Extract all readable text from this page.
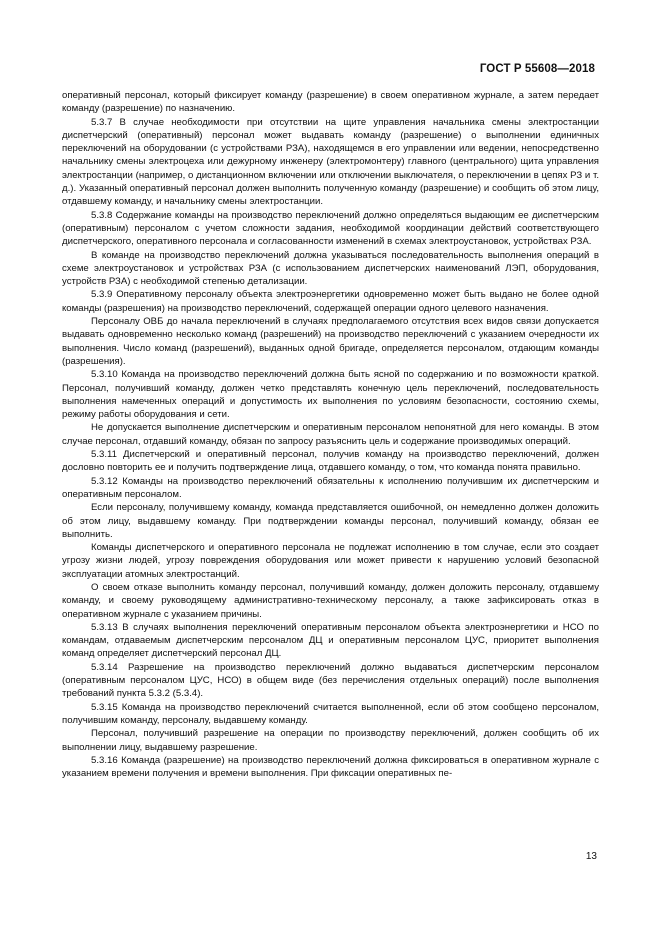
ГОСТ Р 55608—2018

оперативный персонал, который фиксирует команду (разрешение) в своем оперативном журнале, а затем передает команду (разрешение) по назначению.

5.3.7 В случае необходимости при отсутствии на щите управления начальника смены электростанции диспетчерский (оперативный) персонал может выдавать команду (разрешение) о выполнении единичных переключений на оборудовании (с устройствами РЗА), находящемся в его управлении или ведении, непосредственно начальнику смены электроцеха или дежурному инженеру (электромонтеру) главного (центрального) щита управления электростанции (например, о дистанционном включении или отключении выключателя, о переключении в цепях РЗ и т. д.). Указанный оперативный персонал должен выполнить полученную команду (разрешение) и сообщить об этом лицу, отдавшему команду, и начальнику смены электростанции.

5.3.8 Содержание команды на производство переключений должно определяться выдающим ее диспетчерским (оперативным) персоналом с учетом сложности задания, необходимой координации действий соответствующего диспетчерского, оперативного персонала и согласованности изменений в схемах электроустановок, устройствах РЗА.

В команде на производство переключений должна указываться последовательность выполнения операций в схеме электроустановок и устройствах РЗА (с использованием диспетчерских наименований ЛЭП, оборудования, устройств РЗА) с необходимой степенью детализации.

5.3.9 Оперативному персоналу объекта электроэнергетики одновременно может быть выдано не более одной команды (разрешения) на производство переключений, содержащей операции одного целевого назначения.

Персоналу ОВБ до начала переключений в случаях предполагаемого отсутствия всех видов связи допускается выдавать одновременно несколько команд (разрешений) на производство переключений с указанием очередности их выполнения. Число команд (разрешений), выданных одной бригаде, определяется персоналом, отдающим команды (разрешения).

5.3.10 Команда на производство переключений должна быть ясной по содержанию и по возможности краткой. Персонал, получивший команду, должен четко представлять конечную цель переключений, последовательность выполнения намеченных операций и допустимость их выполнения по условиям безопасности, состоянию схемы, режиму работы оборудования и сети.

Не допускается выполнение диспетчерским и оперативным персоналом непонятной для него команды. В этом случае персонал, отдавший команду, обязан по запросу разъяснить цель и содержание производимых операций.

5.3.11 Диспетчерский и оперативный персонал, получив команду на производство переключений, должен дословно повторить ее и получить подтверждение лица, отдавшего команду, о том, что команда понята правильно.

5.3.12 Команды на производство переключений обязательны к исполнению получившим их диспетчерским и оперативным персоналом.

Если персоналу, получившему команду, команда представляется ошибочной, он немедленно должен доложить об этом лицу, выдавшему команду. При подтверждении команды персонал, получивший команду, обязан ее выполнить.

Команды диспетчерского и оперативного персонала не подлежат исполнению в том случае, если это создает угрозу жизни людей, угрозу повреждения оборудования или может привести к нарушению условий безопасной эксплуатации атомных электростанций.

О своем отказе выполнить команду персонал, получивший команду, должен доложить персоналу, отдавшему команду, и своему руководящему административно-техническому персоналу, а также зафиксировать отказ в оперативном журнале с указанием причины.

5.3.13 В случаях выполнения переключений оперативным персоналом объекта электроэнергетики и НСО по командам, отдаваемым диспетчерским персоналом ДЦ и оперативным персоналом ЦУС, приоритет выполнения команд определяет диспетчерский персонал ДЦ.

5.3.14 Разрешение на производство переключений должно выдаваться диспетчерским персоналом (оперативным персоналом ЦУС, НСО) в общем виде (без перечисления отдельных операций) после выполнения требований пункта 5.3.2 (5.3.4).

5.3.15 Команда на производство переключений считается выполненной, если об этом сообщено персоналом, получившим команду, персоналу, выдавшему команду.

Персонал, получивший разрешение на операции по производству переключений, должен сообщить об их выполнении лицу, выдавшему разрешение.

5.3.16 Команда (разрешение) на производство переключений должна фиксироваться в оперативном журнале с указанием времени получения и времени выполнения. При фиксации оперативных пе-

13
